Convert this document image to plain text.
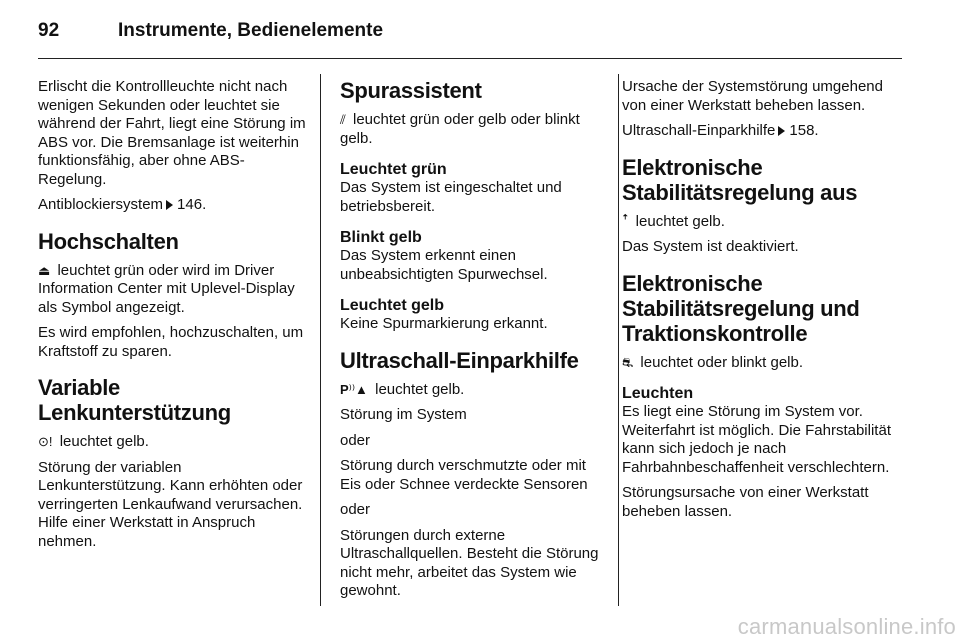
92	Instrumente, Bedienelemente

Erlischt die Kontrollleuchte nicht nach wenigen Sekunden oder leuchtet sie während der Fahrt, liegt eine Störung im ABS vor. Die Bremsanlage ist weiterhin funktionsfähig, aber ohne ABS-Regelung.

Antiblockiersystem 146.

Hochschalten

⏏ leuchtet grün oder wird im Driver Information Center mit Uplevel-Display als Symbol angezeigt.

Es wird empfohlen, hochzuschalten, um Kraftstoff zu sparen.

Variable Lenkunterstützung

⊙! leuchtet gelb.

Störung der variablen Lenkunterstützung. Kann erhöhten oder verringerten Lenkaufwand verursachen. Hilfe einer Werkstatt in Anspruch nehmen.

Spurassistent

⫽ leuchtet grün oder gelb oder blinkt gelb.

Leuchtet grün

Das System ist eingeschaltet und betriebsbereit.

Blinkt gelb

Das System erkennt einen unbeabsichtigten Spurwechsel.

Leuchtet gelb

Keine Spurmarkierung erkannt.

Ultraschall-Einparkhilfe

P⁾⁾▲ leuchtet gelb.

Störung im System

oder

Störung durch verschmutzte oder mit Eis oder Schnee verdeckte Sensoren

oder

Störungen durch externe Ultraschallquellen. Besteht die Störung nicht mehr, arbeitet das System wie gewohnt.

Ursache der Systemstörung umgehend von einer Werkstatt beheben lassen.

Ultraschall-Einparkhilfe 158.

Elektronische Stabilitätsregelung aus

ꜛ leuchtet gelb.

Das System ist deaktiviert.

Elektronische Stabilitätsregelung und Traktionskontrolle

⛐ leuchtet oder blinkt gelb.

Leuchten

Es liegt eine Störung im System vor. Weiterfahrt ist möglich. Die Fahrstabilität kann sich jedoch je nach Fahrbahnbeschaffenheit verschlechtern.

Störungsursache von einer Werkstatt beheben lassen.

carmanualsonline.info
